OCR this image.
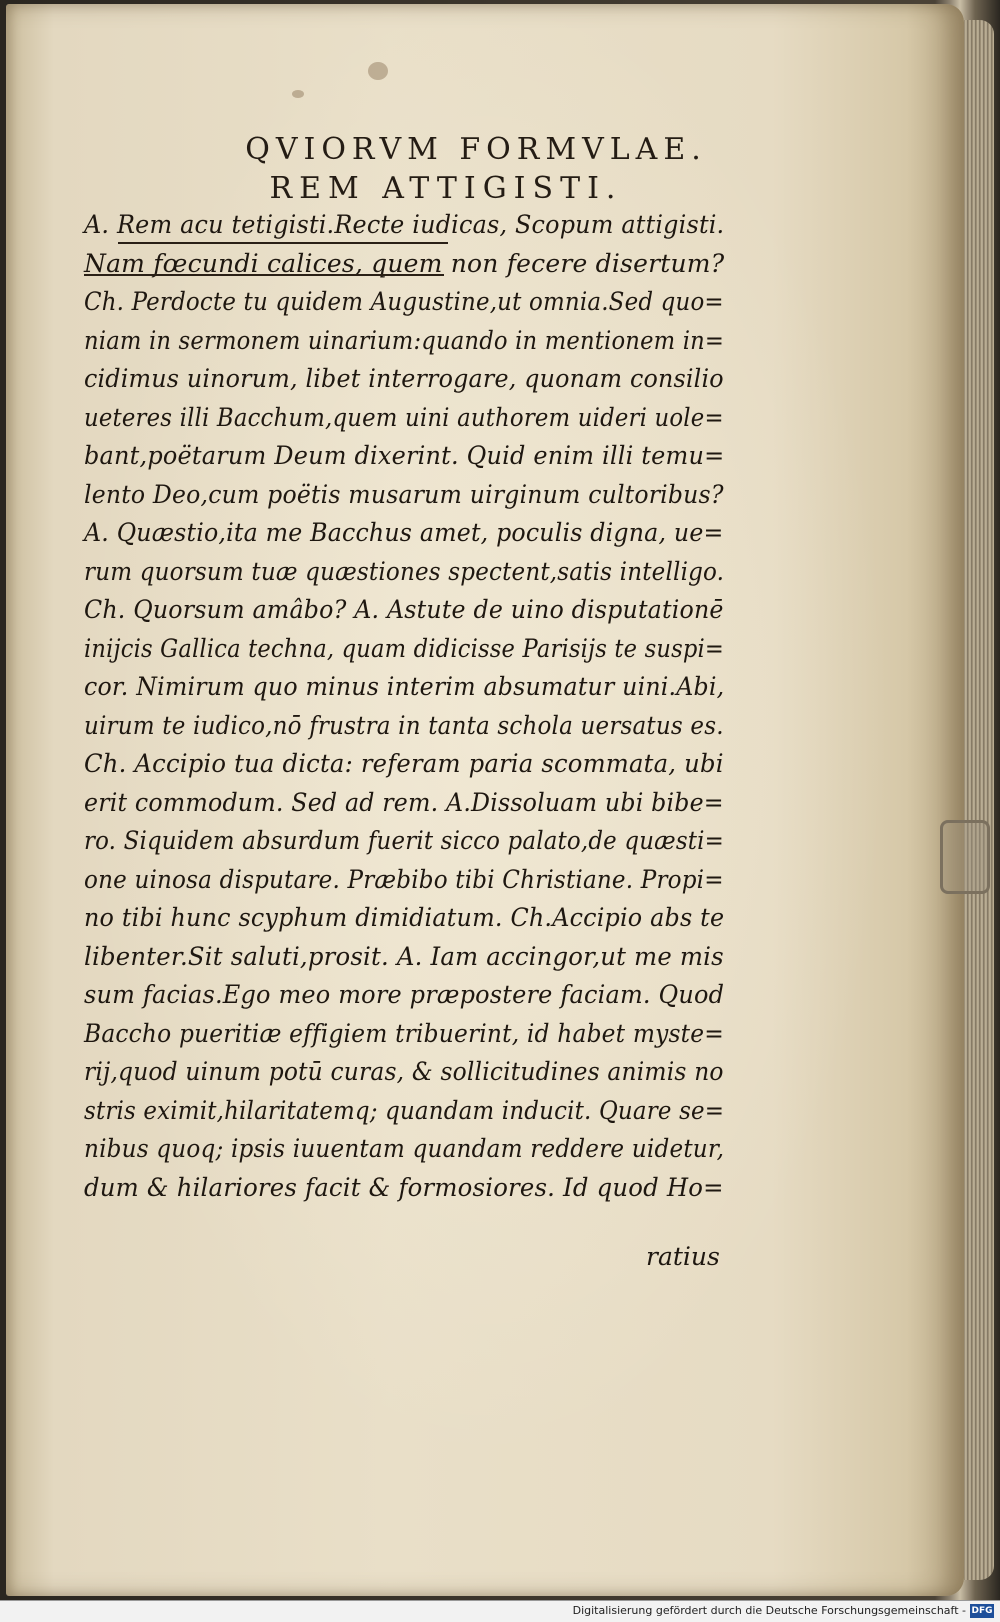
QVIORVM FORMVLAE.
REM ATTIGISTI.
A. Rem acu tetigisti.Recte iudicas, Scopum attigisti.
Nam fœcundi calices, quem non fecere disertum?
Ch. Perdocte tu quidem Augustine,ut omnia.Sed quo=
niam in sermonem uinarium:quando in mentionem in=
cidimus uinorum, libet interrogare, quonam consilio
ueteres illi Bacchum,quem uini authorem uideri uole=
bant,poëtarum Deum dixerint. Quid enim illi temu=
lento Deo,cum poëtis musarum uirginum cultoribus?
A. Quæstio,ita me Bacchus amet, poculis digna, ue=
rum quorsum tuæ quæstiones spectent,satis intelligo.
Ch. Quorsum amâbo? A. Astute de uino disputationē
inijcis Gallica techna, quam didicisse Parisijs te suspi=
cor. Nimirum quo minus interim absumatur uini.Abi,
uirum te iudico,nō frustra in tanta schola uersatus es.
Ch. Accipio tua dicta: referam paria scommata, ubi
erit commodum. Sed ad rem. A.Dissoluam ubi bibe=
ro. Siquidem absurdum fuerit sicco palato,de quæsti=
one uinosa disputare. Præbibo tibi Christiane. Propi=
no tibi hunc scyphum dimidiatum. Ch.Accipio abs te
libenter.Sit saluti,prosit. A. Iam accingor,ut me mis
sum facias.Ego meo more præpostere faciam. Quod
Baccho pueritiæ effigiem tribuerint, id habet myste=
rij,quod uinum potū curas, & sollicitudines animis no
stris eximit,hilaritatemq; quandam inducit. Quare se=
nibus quoq; ipsis iuuentam quandam reddere uidetur,
dum & hilariores facit & formosiores. Id quod Ho=
ratius
Digitalisierung gefördert durch die Deutsche Forschungsgemeinschaft - DFG
